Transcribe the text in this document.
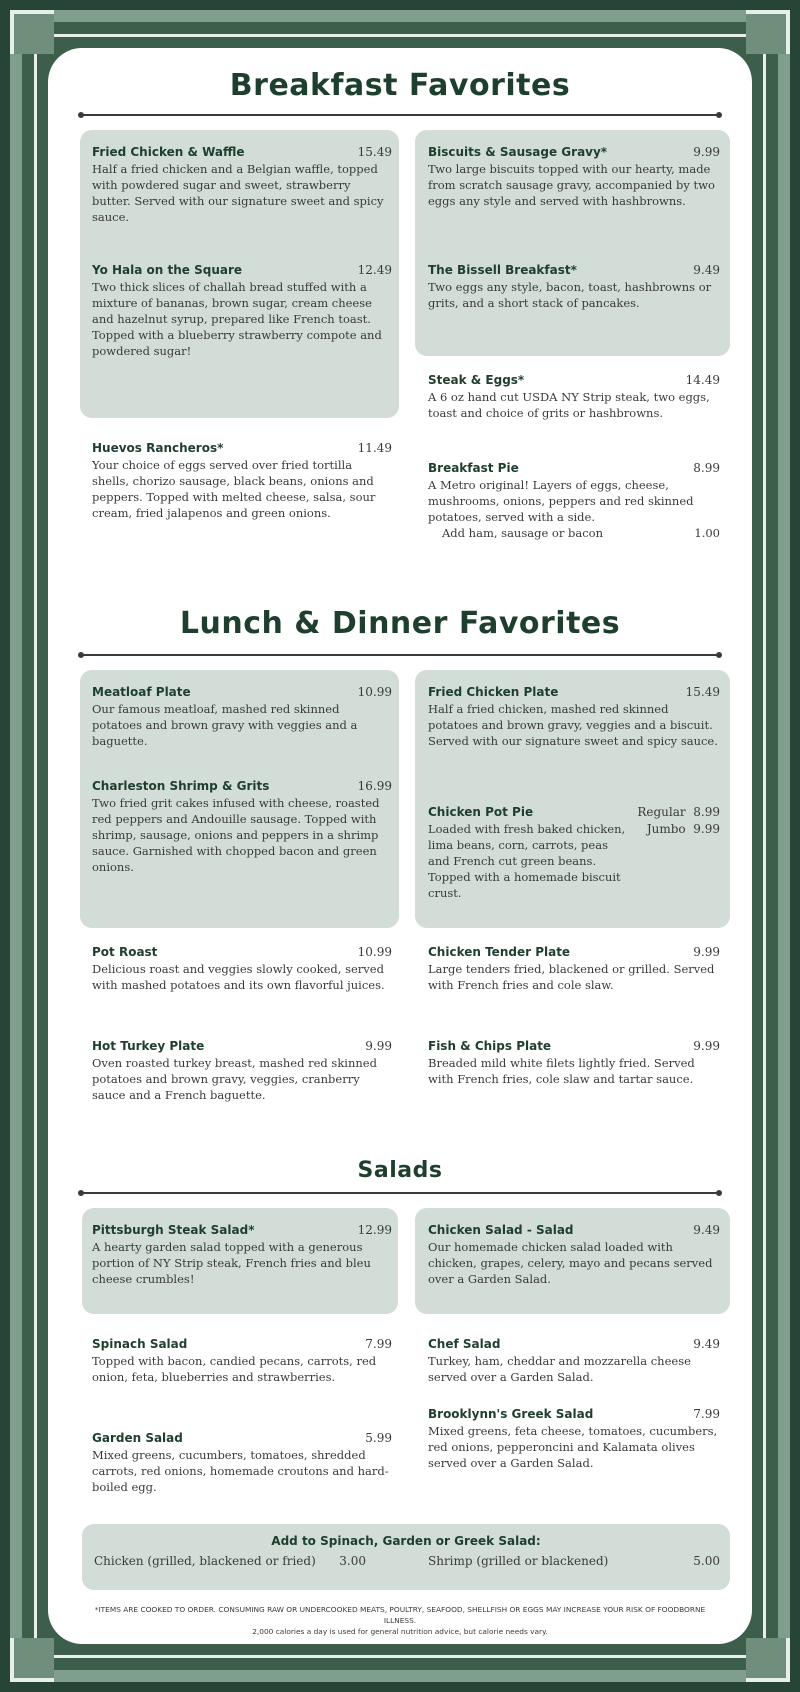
Breakfast Favorites
Fried Chicken & Waffle	15.49
Half a fried chicken and a Belgian waffle, topped with powdered sugar and sweet, strawberry butter. Served with our signature sweet and spicy sauce.
Yo Hala on the Square	12.49
Two thick slices of challah bread stuffed with a mixture of bananas, brown sugar, cream cheese and hazelnut syrup, prepared like French toast. Topped with a blueberry strawberry compote and powdered sugar!
Huevos Rancheros*	11.49
Your choice of eggs served over fried tortilla shells, chorizo sausage, black beans, onions and peppers. Topped with melted cheese, salsa, sour cream, fried jalapenos and green onions.
Biscuits & Sausage Gravy*	9.99
Two large biscuits topped with our hearty, made from scratch sausage gravy, accompanied by two eggs any style and served with hashbrowns.
The Bissell Breakfast*	9.49
Two eggs any style, bacon, toast, hashbrowns or grits, and a short stack of pancakes.
Steak & Eggs*	14.49
A 6 oz hand cut USDA NY Strip steak, two eggs, toast and choice of grits or hashbrowns.
Breakfast Pie	8.99
A Metro original! Layers of eggs, cheese, mushrooms, onions, peppers and red skinned potatoes, served with a side.
Add ham, sausage or bacon	1.00
Lunch & Dinner Favorites
Meatloaf Plate	10.99
Our famous meatloaf, mashed red skinned potatoes and brown gravy with veggies and a baguette.
Charleston Shrimp & Grits	16.99
Two fried grit cakes infused with cheese, roasted red peppers and Andouille sausage. Topped with shrimp, sausage, onions and peppers in a shrimp sauce. Garnished with chopped bacon and green onions.
Pot Roast	10.99
Delicious roast and veggies slowly cooked, served with mashed potatoes and its own flavorful juices.
Hot Turkey Plate	9.99
Oven roasted turkey breast, mashed red skinned potatoes and brown gravy, veggies, cranberry sauce and a French baguette.
Fried Chicken Plate	15.49
Half a fried chicken, mashed red skinned potatoes and brown gravy, veggies and a biscuit. Served with our signature sweet and spicy sauce.
Chicken Pot Pie
Loaded with fresh baked chicken, lima beans, corn, carrots, peas and French cut green beans. Topped with a homemade biscuit crust.
Regular 8.99
Jumbo 9.99
Chicken Tender Plate	9.99
Large tenders fried, blackened or grilled. Served with French fries and cole slaw.
Fish & Chips Plate	9.99
Breaded mild white filets lightly fried. Served with French fries, cole slaw and tartar sauce.
Salads
Pittsburgh Steak Salad*	12.99
A hearty garden salad topped with a generous portion of NY Strip steak, French fries and bleu cheese crumbles!
Spinach Salad	7.99
Topped with bacon, candied pecans, carrots, red onion, feta, blueberries and strawberries.
Garden Salad	5.99
Mixed greens, cucumbers, tomatoes, shredded carrots, red onions, homemade croutons and hard-boiled egg.
Chicken Salad - Salad	9.49
Our homemade chicken salad loaded with chicken, grapes, celery, mayo and pecans served over a Garden Salad.
Chef Salad	9.49
Turkey, ham, cheddar and mozzarella cheese served over a Garden Salad.
Brooklynn's Greek Salad	7.99
Mixed greens, feta cheese, tomatoes, cucumbers, red onions, pepperoncini and Kalamata olives served over a Garden Salad.
Add to Spinach, Garden or Greek Salad:
Chicken (grilled, blackened or fried) 3.00	Shrimp (grilled or blackened)	5.00
*ITEMS ARE COOKED TO ORDER. CONSUMING RAW OR UNDERCOOKED MEATS, POULTRY, SEAFOOD, SHELLFISH OR EGGS MAY INCREASE YOUR RISK OF FOODBORNE ILLNESS.
2,000 calories a day is used for general nutrition advice, but calorie needs vary.
